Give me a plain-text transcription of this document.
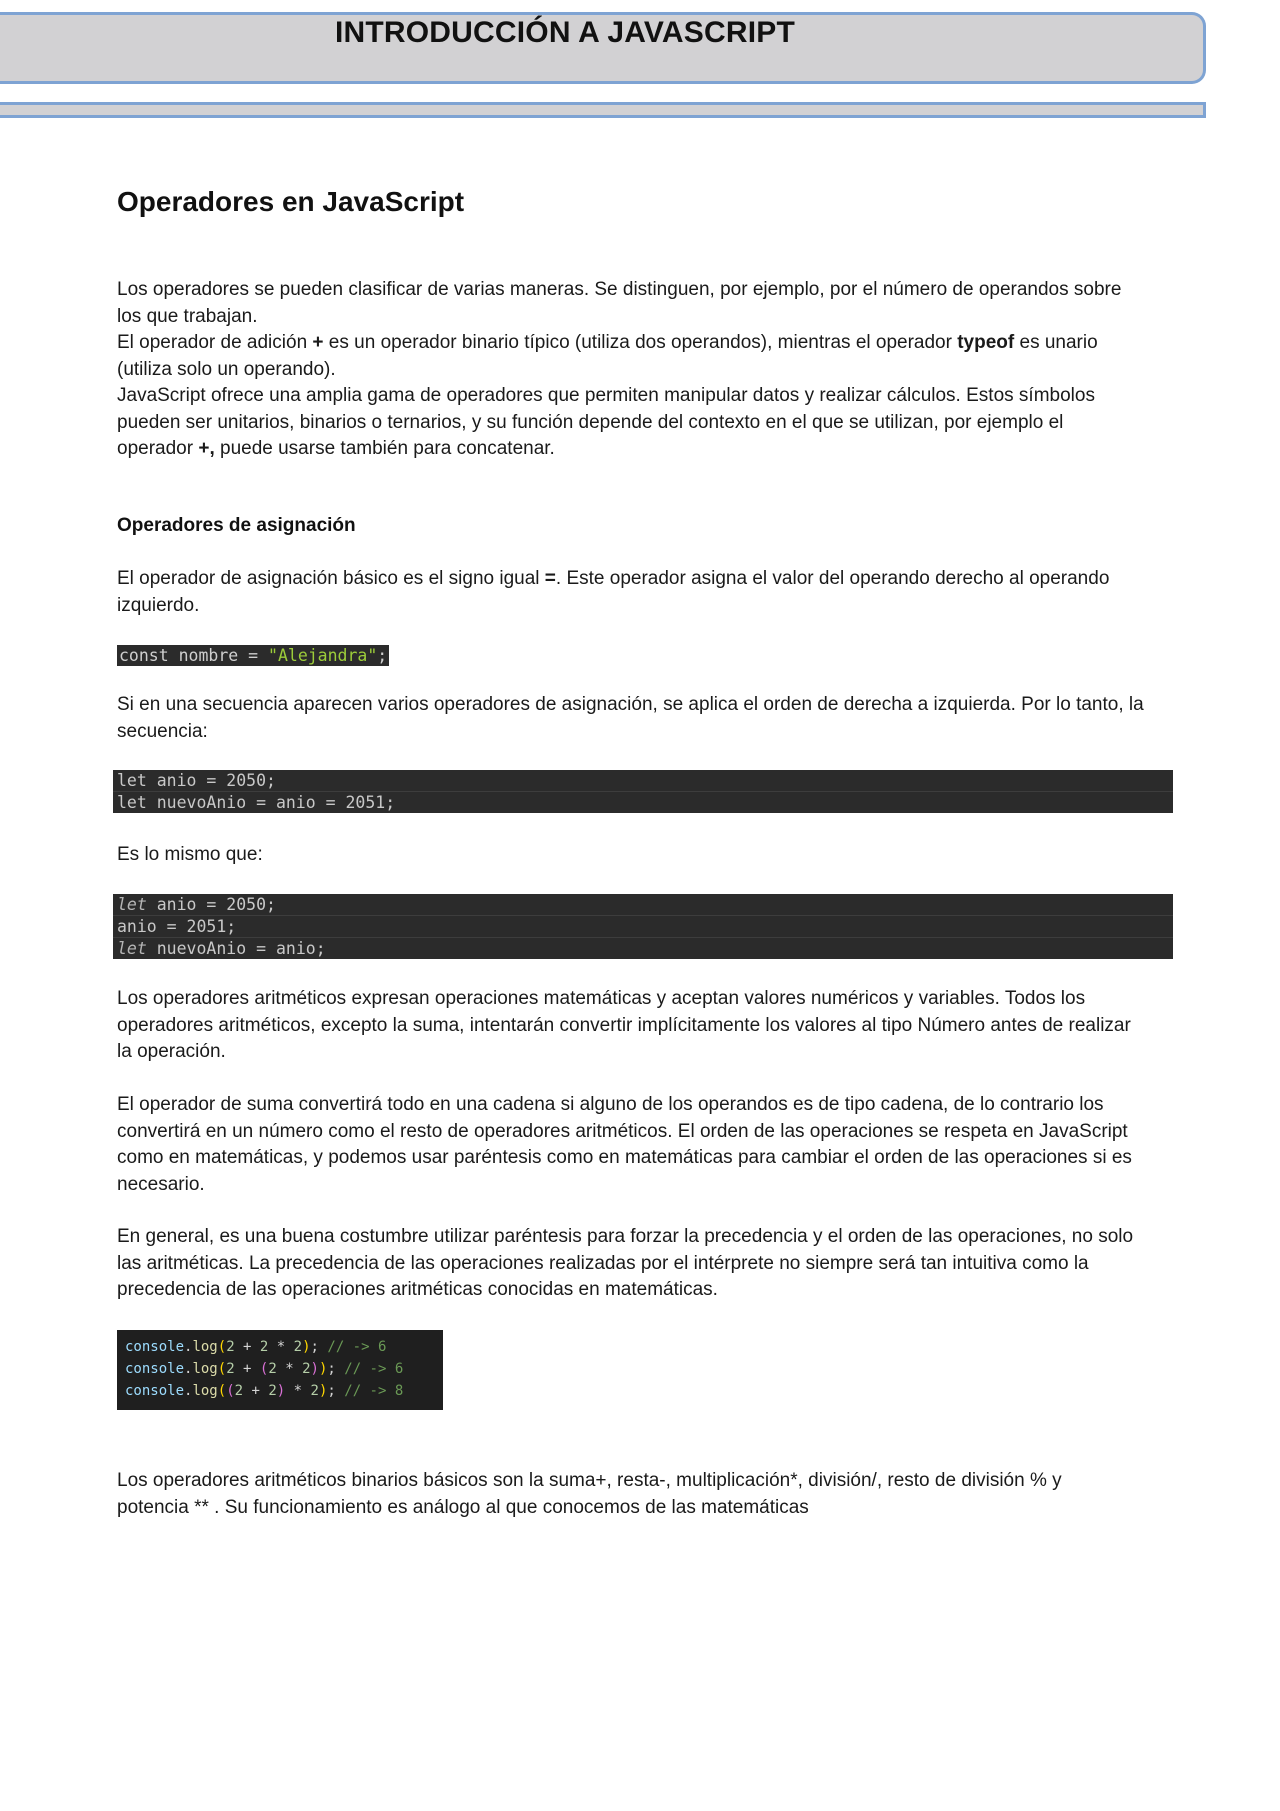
INTRODUCCIÓN A JAVASCRIPT
Operadores en JavaScript

Los operadores se pueden clasificar de varias maneras. Se distinguen, por ejemplo, por el número de operandos sobre
los que trabajan.
El operador de adición + es un operador binario típico (utiliza dos operandos), mientras el operador typeof es unario
(utiliza solo un operando).
JavaScript ofrece una amplia gama de operadores que permiten manipular datos y realizar cálculos. Estos símbolos
pueden ser unitarios, binarios o ternarios, y su función depende del contexto en el que se utilizan, por ejemplo el
operador +, puede usarse también para concatenar.

Operadores de asignación

El operador de asignación básico es el signo igual =. Este operador asigna el valor del operando derecho al operando
izquierdo.

const nombre = "Alejandra";

Si en una secuencia aparecen varios operadores de asignación, se aplica el orden de derecha a izquierda. Por lo tanto, la
secuencia:

let anio = 2050;
let nuevoAnio = anio = 2051;

Es lo mismo que:

let anio = 2050;
anio = 2051;
let nuevoAnio = anio;

Los operadores aritméticos expresan operaciones matemáticas y aceptan valores numéricos y variables. Todos los
operadores aritméticos, excepto la suma, intentarán convertir implícitamente los valores al tipo Número antes de realizar
la operación.

El operador de suma convertirá todo en una cadena si alguno de los operandos es de tipo cadena, de lo contrario los
convertirá en un número como el resto de operadores aritméticos. El orden de las operaciones se respeta en JavaScript
como en matemáticas, y podemos usar paréntesis como en matemáticas para cambiar el orden de las operaciones si es
necesario.

En general, es una buena costumbre utilizar paréntesis para forzar la precedencia y el orden de las operaciones, no solo
las aritméticas. La precedencia de las operaciones realizadas por el intérprete no siempre será tan intuitiva como la
precedencia de las operaciones aritméticas conocidas en matemáticas.

console.log(2 + 2 * 2); // -> 6
console.log(2 + (2 * 2)); // -> 6
console.log((2 + 2) * 2); // -> 8

Los operadores aritméticos binarios básicos son la suma+, resta-, multiplicación*, división/, resto de división % y
potencia ** . Su funcionamiento es análogo al que conocemos de las matemáticas
